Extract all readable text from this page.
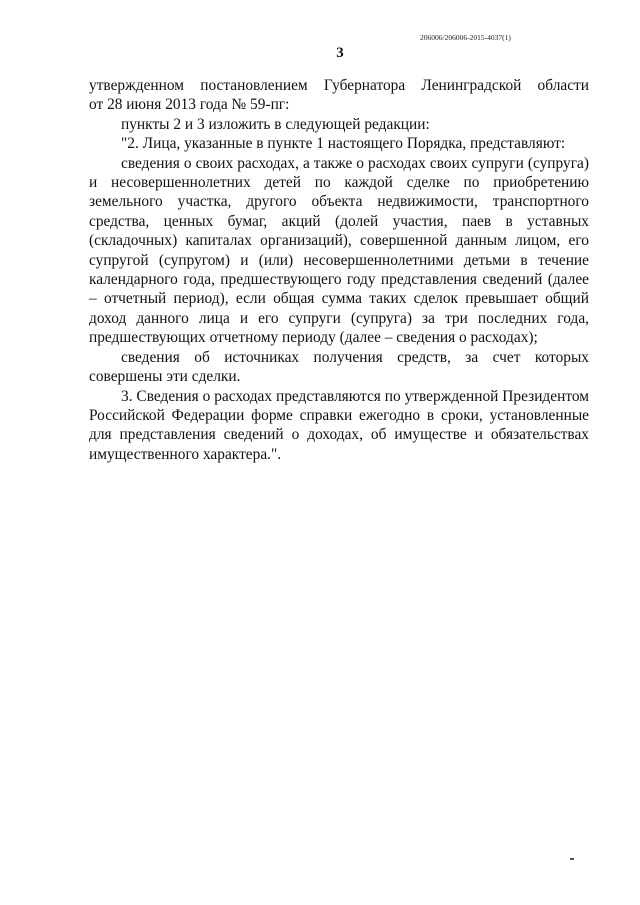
206006/206006-2015-4037(1)
3

утвержденном постановлением Губернатора Ленинградской области

от 28 июня 2013 года № 59-пг:

пункты 2 и 3 изложить в следующей редакции:

"2. Лица, указанные в пункте 1 настоящего Порядка, представляют:

сведения о своих расходах, а также о расходах своих супруги (супруга) и несовершеннолетних детей по каждой сделке по приобретению земельного участка, другого объекта недвижимости, транспортного средства, ценных бумаг, акций (долей участия, паев в уставных (складочных) капиталах организаций), совершенной данным лицом, его супругой (супругом) и (или) несовершеннолетними детьми в течение календарного года, предшествующего году представления сведений (далее – отчетный период), если общая сумма таких сделок превышает общий доход данного лица и его супруги (супруга) за три последних года, предшествующих отчетному периоду (далее – сведения о расходах);

сведения об источниках получения средств, за счет которых совершены эти сделки.

3. Сведения о расходах представляются по утвержденной Президентом Российской Федерации форме справки ежегодно в сроки, установленные для представления сведений о доходах, об имуществе и обязательствах имущественного характера.".
